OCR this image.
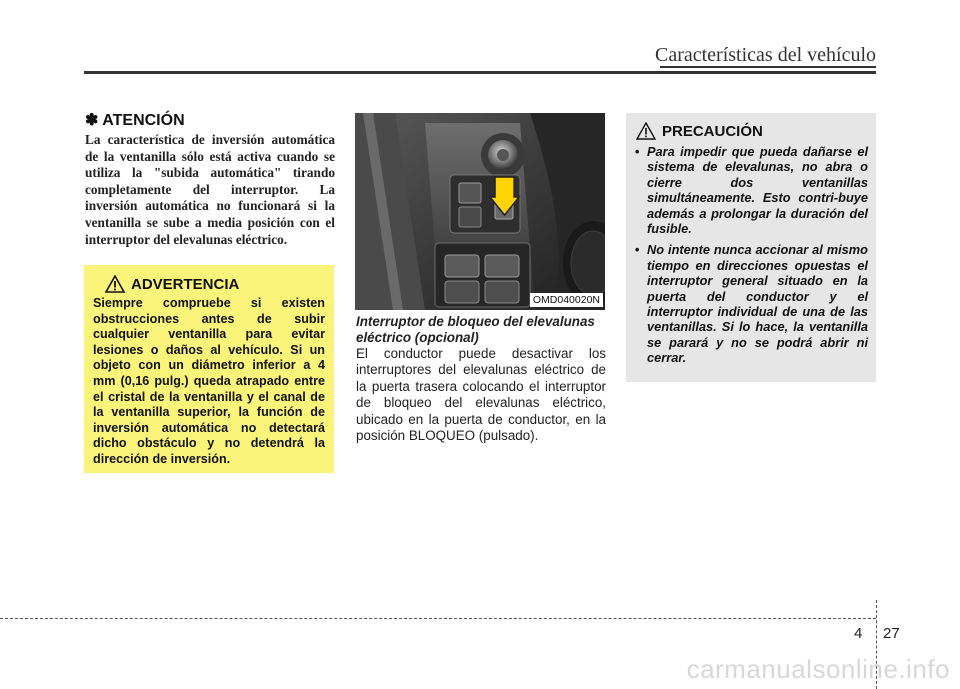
Características del vehículo
✽ ATENCIÓN

La característica de inversión automática de la ventanilla sólo está activa cuando se utiliza la "subida automática" tirando completamente del interruptor. La inversión automática no funcionará si la ventanilla se sube a media posición con el interruptor del elevalunas eléctrico.

ADVERTENCIA

Siempre compruebe si existen obstrucciones antes de subir cualquier ventanilla para evitar lesiones o daños al vehículo. Si un objeto con un diámetro inferior a 4 mm (0,16 pulg.) queda atrapado entre el cristal de la ventanilla y el canal de la ventanilla superior, la función de inversión automática no detectará dicho obstáculo y no detendrá la dirección de inversión.

OMD040020N
Interruptor de bloqueo del elevalunas eléctrico (opcional)

El conductor puede desactivar los interruptores del elevalunas eléctrico de la puerta trasera colocando el interruptor de bloqueo del elevalunas eléctrico, ubicado en la puerta de conductor, en la posición BLOQUEO (pulsado).

PRECAUCIÓN
• Para impedir que pueda dañarse el sistema de elevalunas, no abra o cierre dos ventanillas simultáneamente. Esto contri-buye además a prolongar la duración del fusible.
• No intente nunca accionar al mismo tiempo en direcciones opuestas el interruptor general situado en la puerta del conductor y el interruptor individual de una de las ventanillas. Si lo hace, la ventanilla se parará y no se podrá abrir ni cerrar.
4 27
carmanualsonline.info
